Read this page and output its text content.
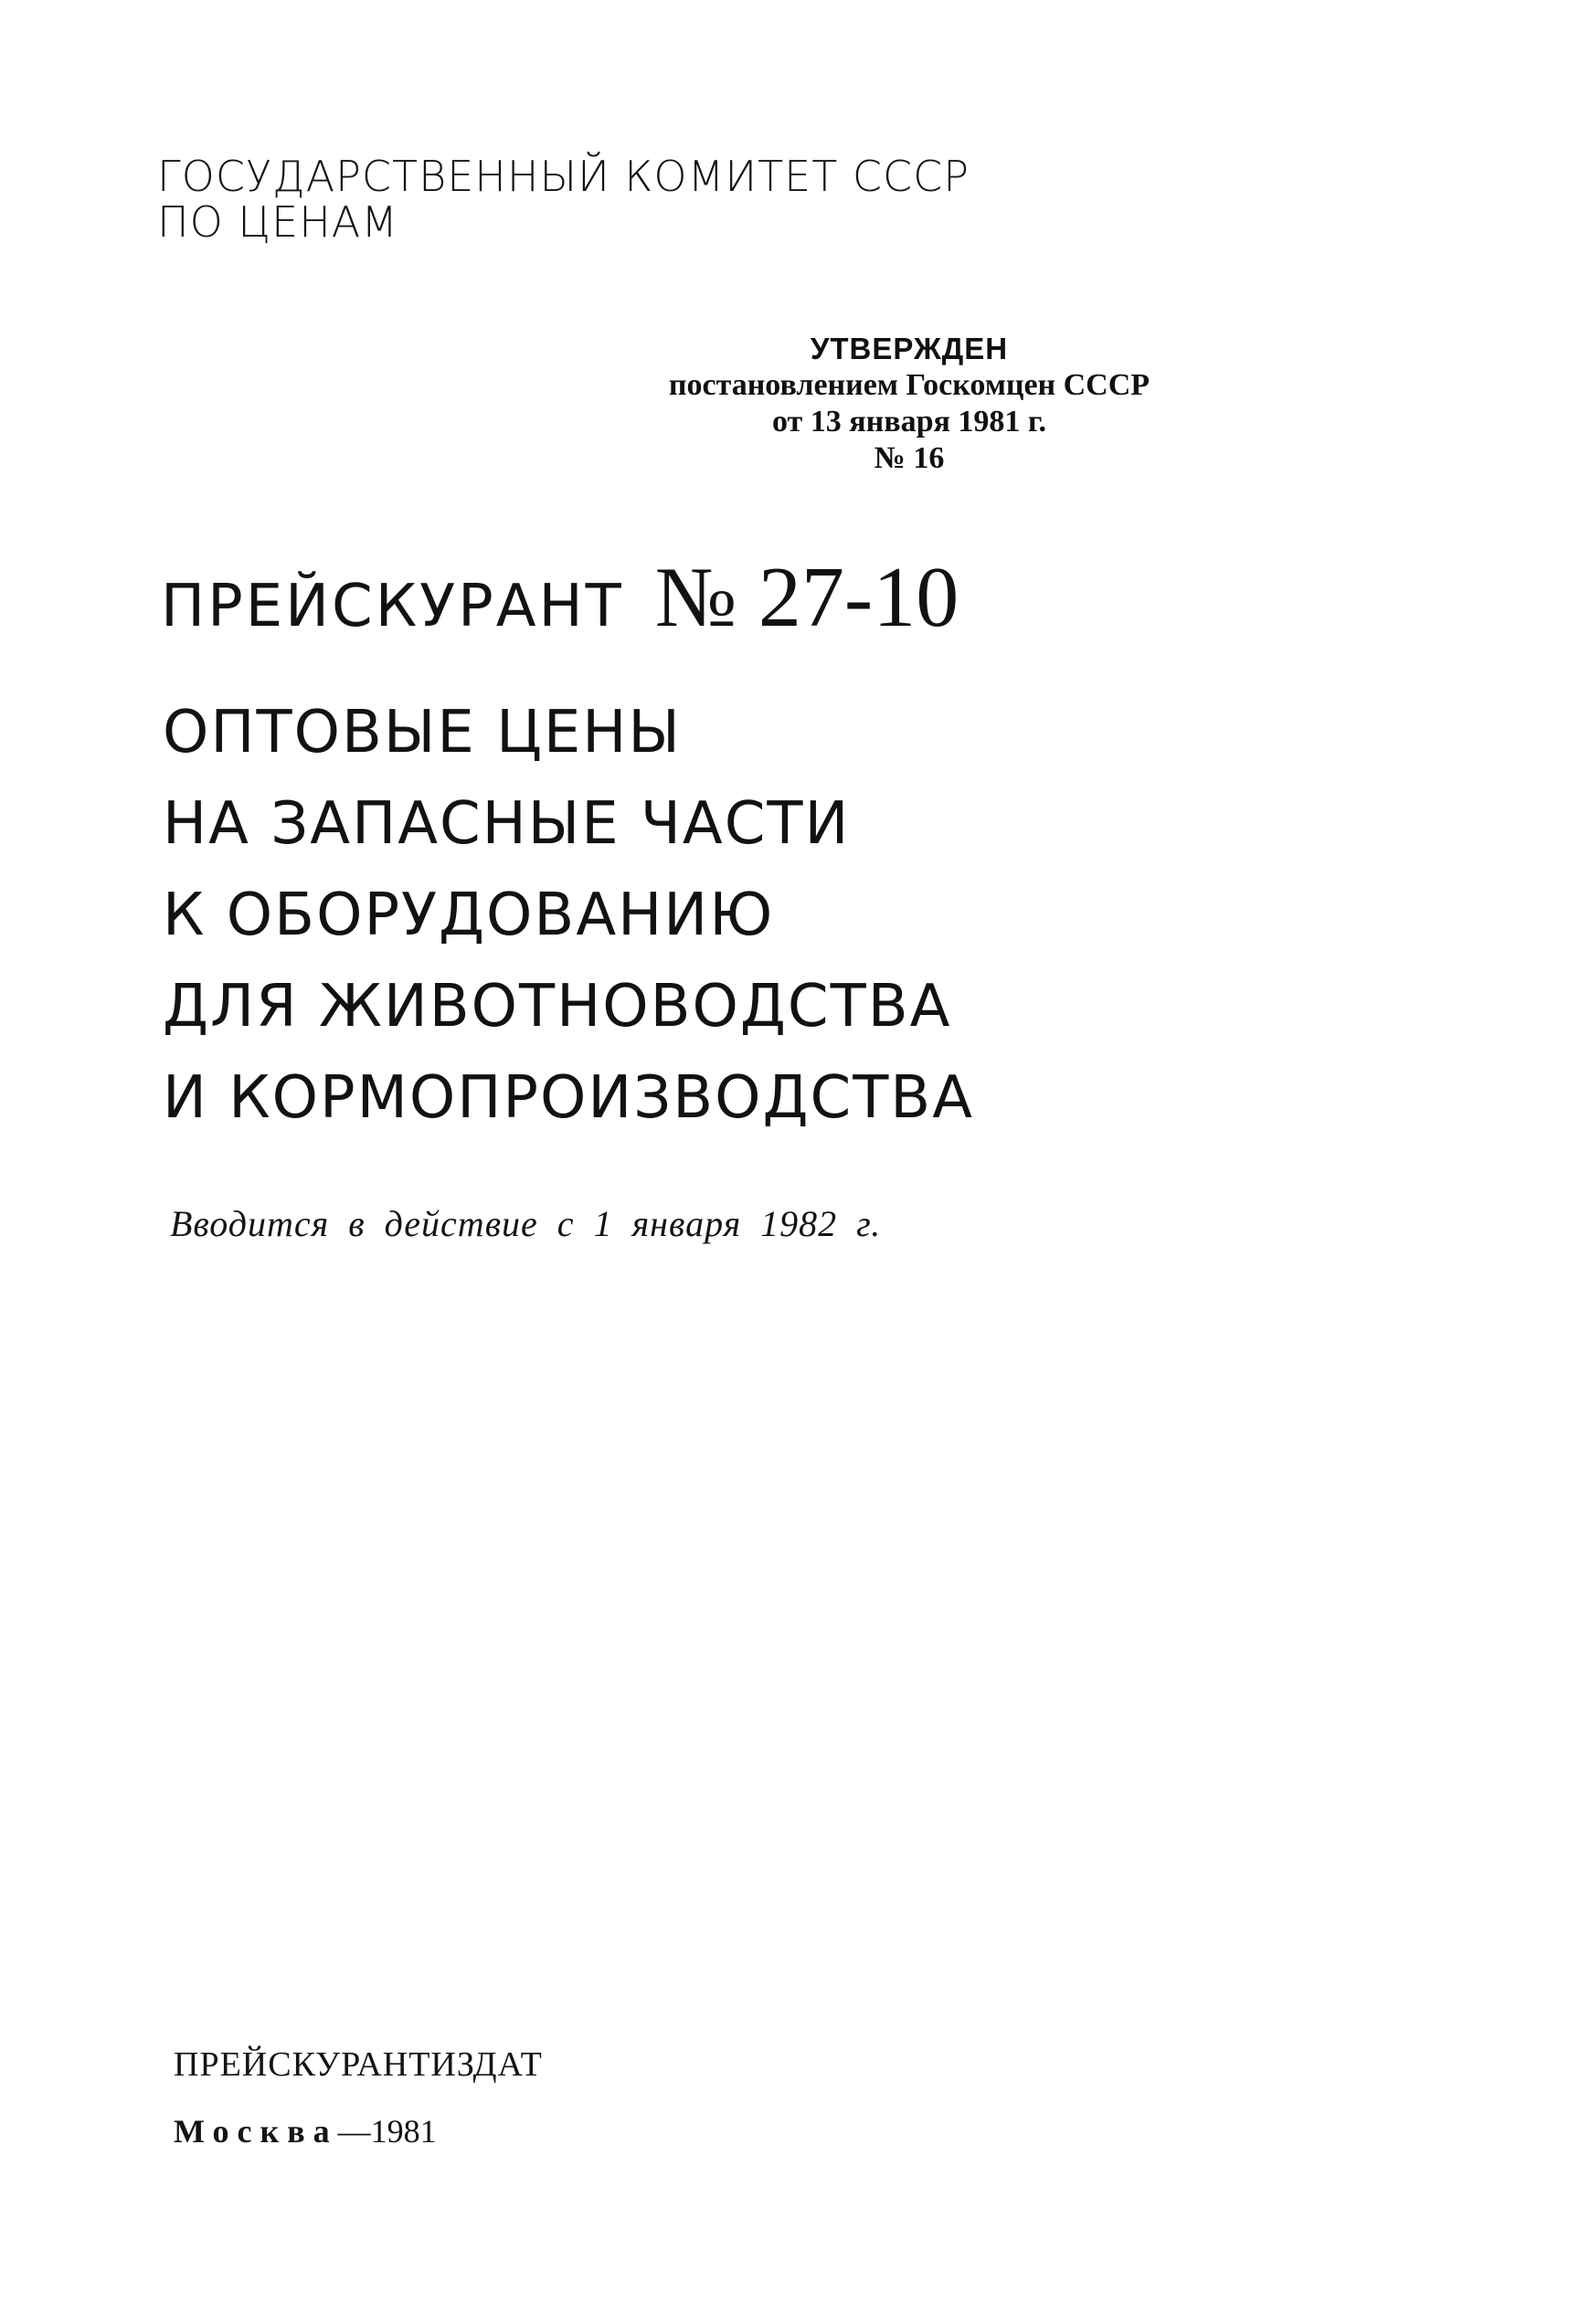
ГОСУДАРСТВЕННЫЙ КОМИТЕТ СССР
ПО ЦЕНАМ
УТВЕРЖДЕН
постановлением Госкомцен СССР
от 13 января 1981 г.
№ 16
ПРЕЙСКУРАНТ № 27-10
ОПТОВЫЕ ЦЕНЫ
НА ЗАПАСНЫЕ ЧАСТИ
К ОБОРУДОВАНИЮ
ДЛЯ ЖИВОТНОВОДСТВА
И КОРМОПРОИЗВОДСТВА
Вводится в действие с 1 января 1982 г.
ПРЕЙСКУРАНТИЗДАТ
Москва—1981
